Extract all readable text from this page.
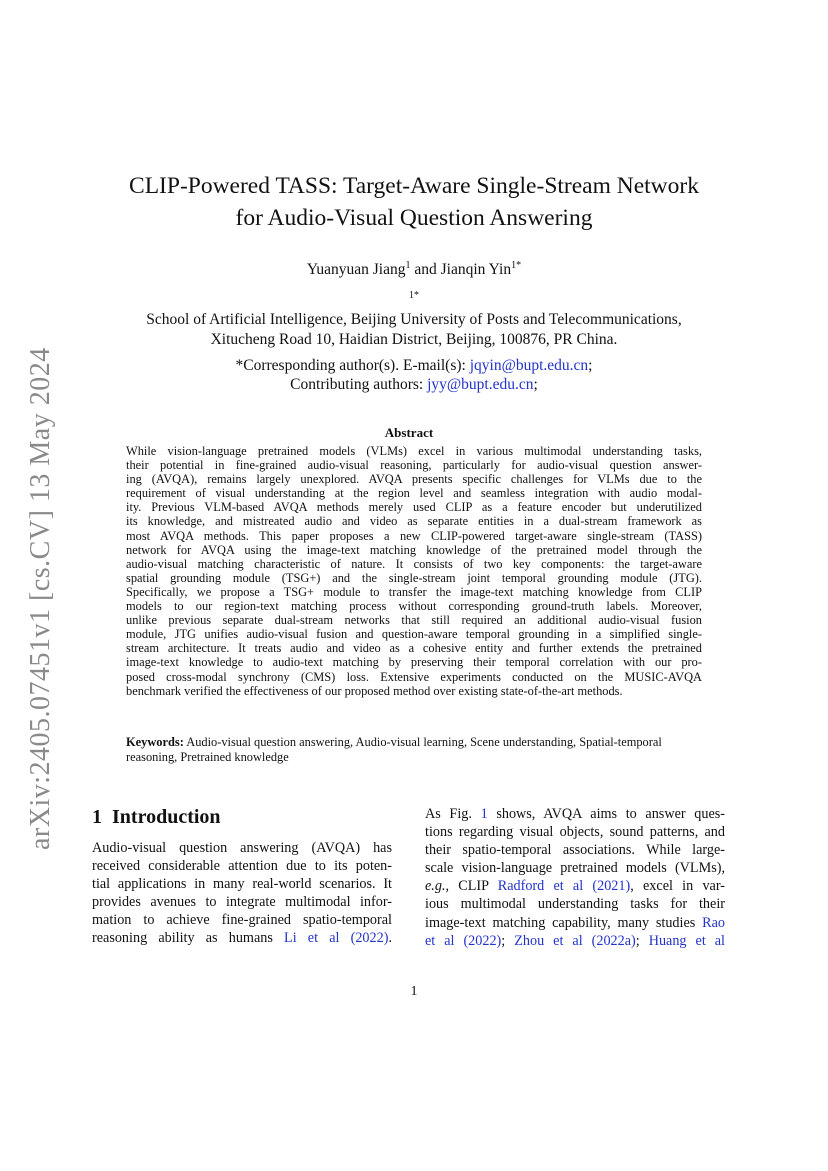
arXiv:2405.07451v1 [cs.CV] 13 May 2024
CLIP-Powered TASS: Target-Aware Single-Stream Network
for Audio-Visual Question Answering
Yuanyuan Jiang$^1$ and Jianqin Yin$^{1*}$
$^{1*}$
School of Artificial Intelligence, Beijing University of Posts and Telecommunications,
Xitucheng Road 10, Haidian District, Beijing, 100876, PR China.
*Corresponding author(s). E-mail(s): jqyin@bupt.edu.cn;
Contributing authors: jyy@bupt.edu.cn;
Abstract
While vision-language pretrained models (VLMs) excel in various multimodal understanding tasks,
their potential in fine-grained audio-visual reasoning, particularly for audio-visual question answer-
ing (AVQA), remains largely unexplored. AVQA presents specific challenges for VLMs due to the
requirement of visual understanding at the region level and seamless integration with audio modal-
ity. Previous VLM-based AVQA methods merely used CLIP as a feature encoder but underutilized
its knowledge, and mistreated audio and video as separate entities in a dual-stream framework as
most AVQA methods. This paper proposes a new CLIP-powered target-aware single-stream (TASS)
network for AVQA using the image-text matching knowledge of the pretrained model through the
audio-visual matching characteristic of nature. It consists of two key components: the target-aware
spatial grounding module (TSG+) and the single-stream joint temporal grounding module (JTG).
Specifically, we propose a TSG+ module to transfer the image-text matching knowledge from CLIP
models to our region-text matching process without corresponding ground-truth labels. Moreover,
unlike previous separate dual-stream networks that still required an additional audio-visual fusion
module, JTG unifies audio-visual fusion and question-aware temporal grounding in a simplified single-
stream architecture. It treats audio and video as a cohesive entity and further extends the pretrained
image-text knowledge to audio-text matching by preserving their temporal correlation with our pro-
posed cross-modal synchrony (CMS) loss. Extensive experiments conducted on the MUSIC-AVQA
benchmark verified the effectiveness of our proposed method over existing state-of-the-art methods.
Keywords: Audio-visual question answering, Audio-visual learning, Scene understanding, Spatial-temporal
reasoning, Pretrained knowledge
1 Introduction
Audio-visual question answering (AVQA) has
received considerable attention due to its poten-
tial applications in many real-world scenarios. It
provides avenues to integrate multimodal infor-
mation to achieve fine-grained spatio-temporal
reasoning ability as humans Li et al (2022).
As Fig. 1 shows, AVQA aims to answer ques-
tions regarding visual objects, sound patterns, and
their spatio-temporal associations. While large-
scale vision-language pretrained models (VLMs),
e.g., CLIP Radford et al (2021), excel in var-
ious multimodal understanding tasks for their
image-text matching capability, many studies Rao
et al (2022); Zhou et al (2022a); Huang et al
1
